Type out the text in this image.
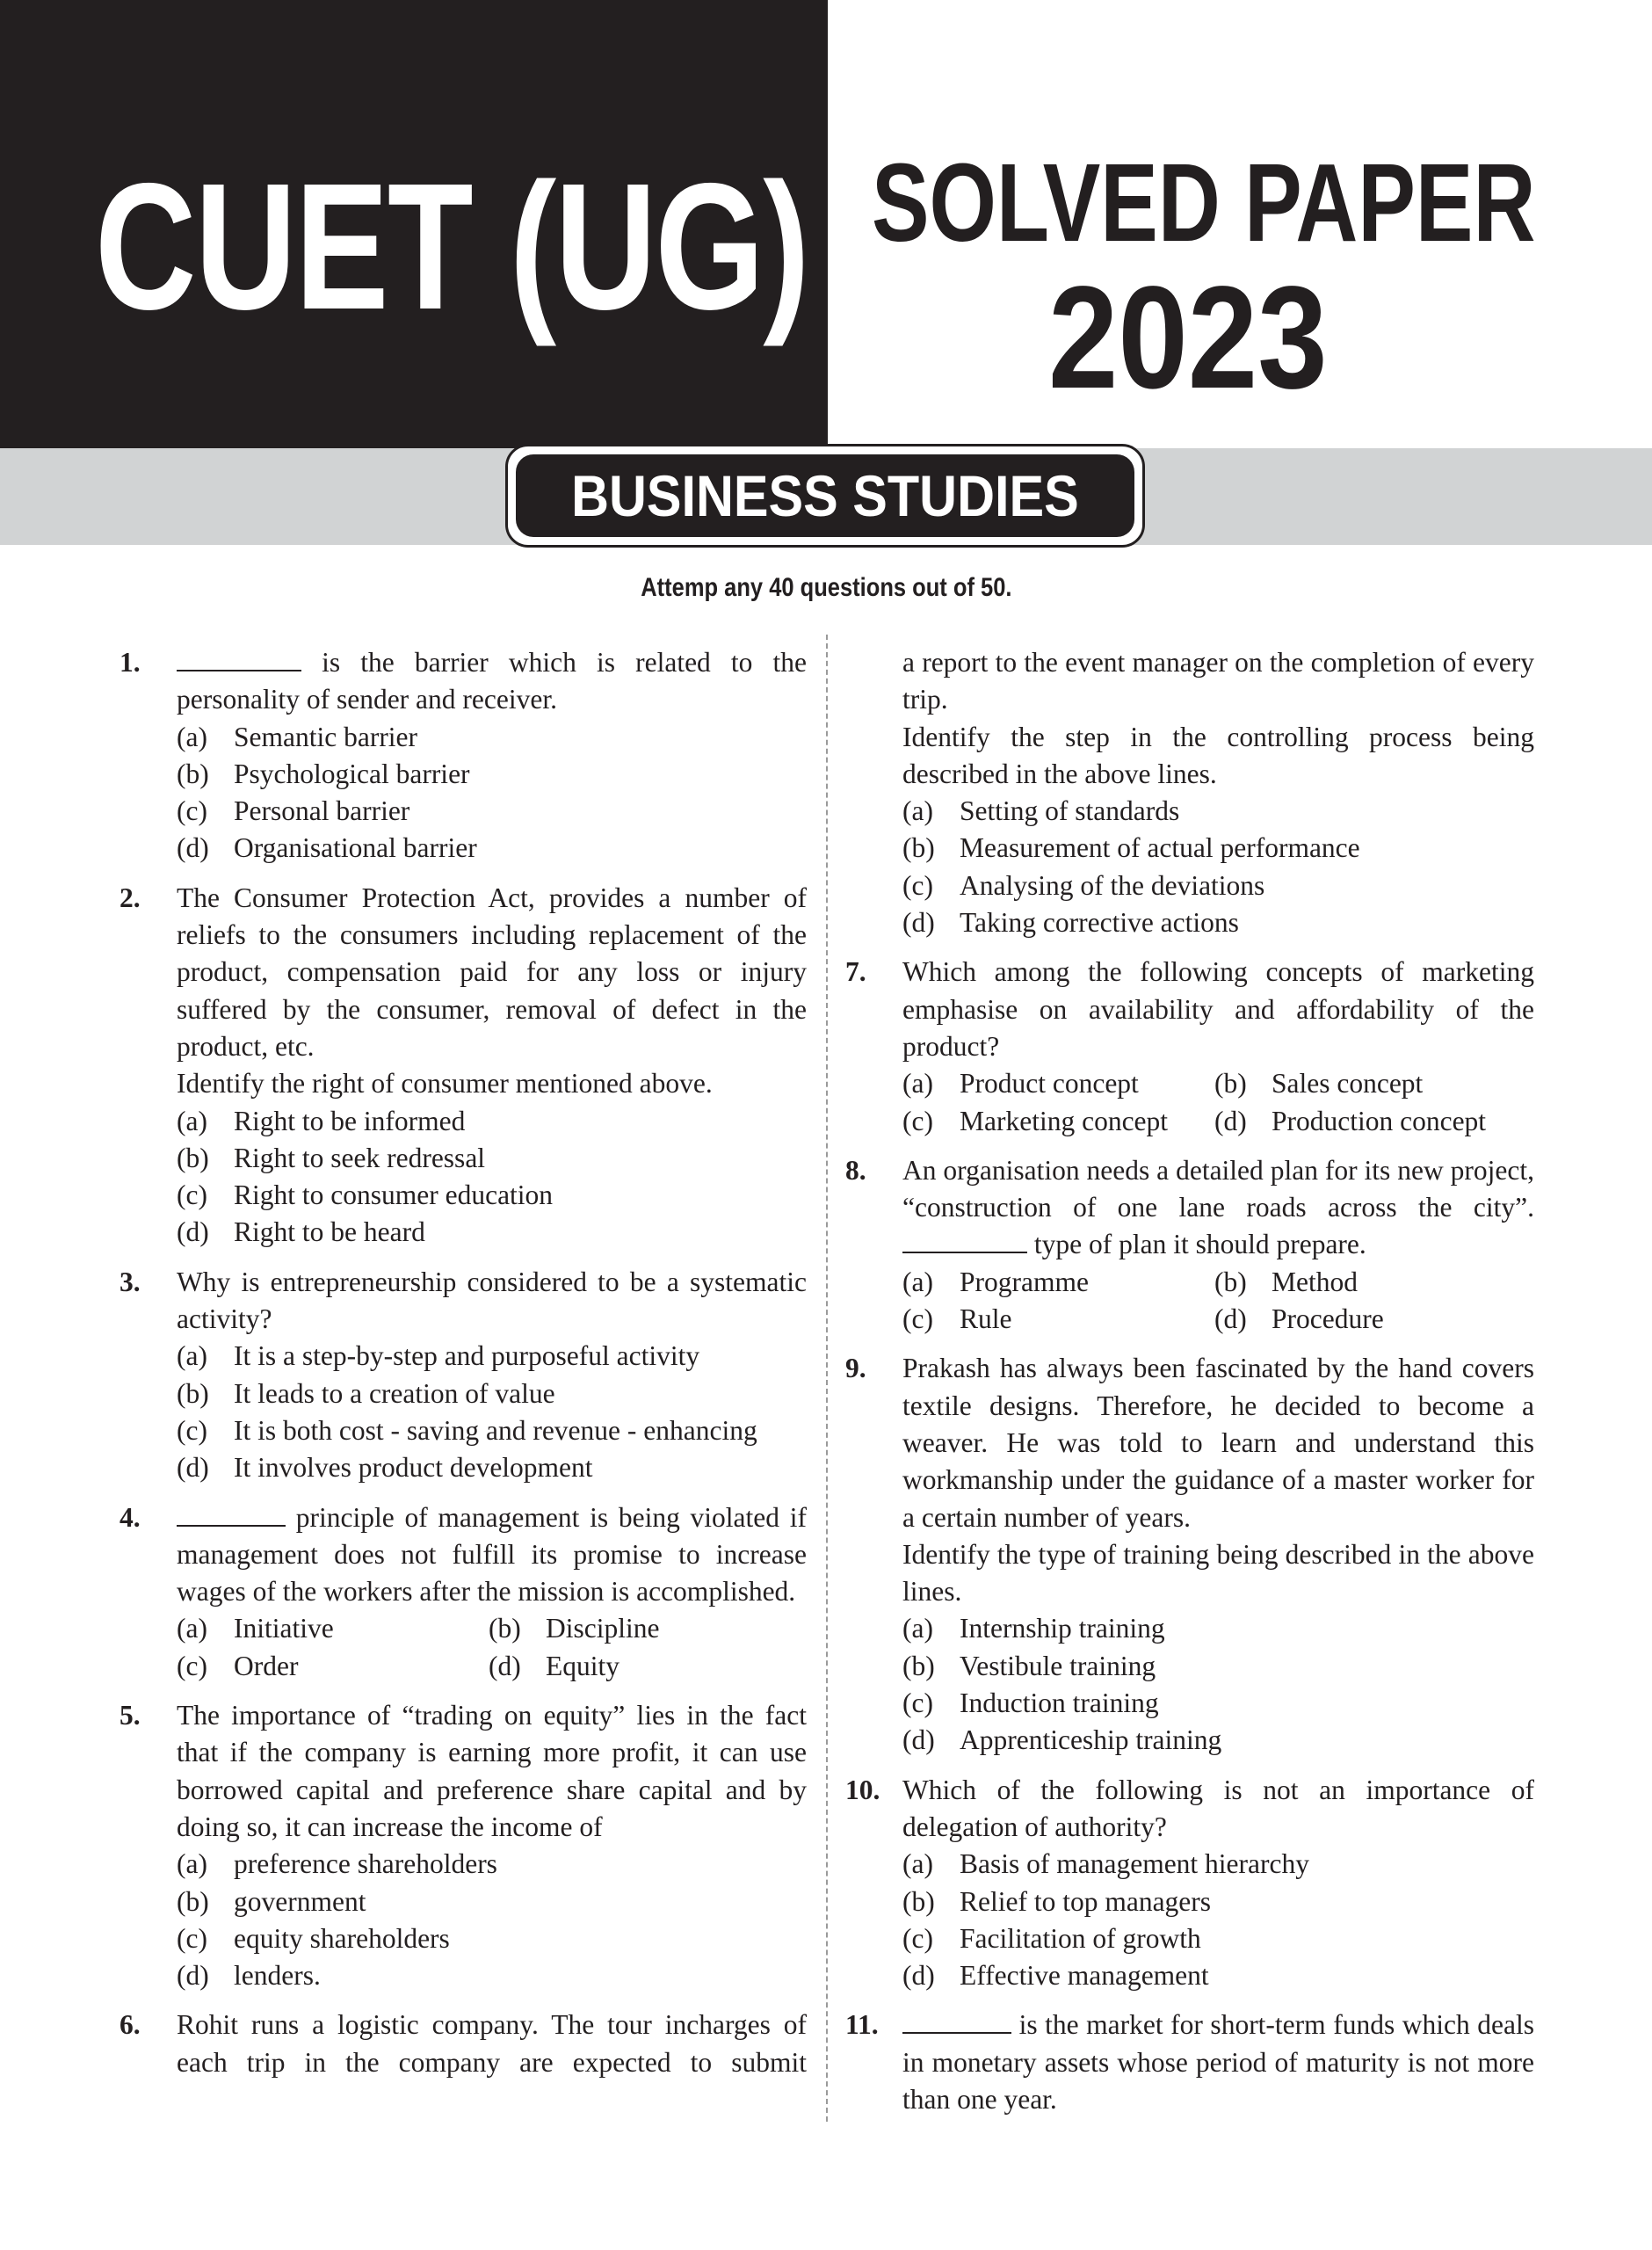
CUET (UG) SOLVED PAPER
2023
BUSINESS STUDIES
Attemp any 40 questions out of 50.
1.	is the barrier which is related to the personality of sender and receiver.

(a) Semantic barrier
(b) Psychological barrier
(c) Personal barrier
(d) Organisational barrier
2. The Consumer Protection Act, provides a number of reliefs to the consumers including replacement of the product, compensation paid for any loss or injury suffered by the consumer, removal of defect in the product, etc.

Identify the right of consumer mentioned above.

(a) Right to be informed
(b) Right to seek redressal
(c) Right to consumer education
(d) Right to be heard
3. Why is entrepreneurship considered to be a systematic activity?

(a) It is a step-by-step and purposeful activity
(b) It leads to a creation of value
(c) It is both cost - saving and revenue - enhancing
(d) It involves product development
4.	principle of management is being violated if management does not fulfill its promise to increase wages of the workers after the mission is accomplished.

(a) Initiative	(b) Discipline
(c) Order	(d) Equity
5. The importance of “trading on equity” lies in the fact that if the company is earning more profit, it can use borrowed capital and preference share capital and by doing so, it can increase the income of

(a) preference shareholders
(b) government
(c) equity shareholders
(d) lenders.
6. Rohit runs a logistic company. The tour incharges of each trip in the company are expected to submit

a report to the event manager on the completion of every trip.

Identify the step in the controlling process being described in the above lines.

(a) Setting of standards
(b) Measurement of actual performance
(c) Analysing of the deviations
(d) Taking corrective actions
7. Which among the following concepts of marketing emphasise on availability and affordability of the product?

(a) Product concept	(b) Sales concept
(c) Marketing concept	(d) Production concept
8. An organisation needs a detailed plan for its new project, “construction of one lane roads across the city”.  type of plan it should prepare.

(a) Programme	(b) Method
(c) Rule	(d) Procedure
9. Prakash has always been fascinated by the hand covers textile designs. Therefore, he decided to become a weaver. He was told to learn and understand this workmanship under the guidance of a master worker for a certain number of years.

Identify the type of training being described in the above lines.

(a) Internship training
(b) Vestibule training
(c) Induction training
(d) Apprenticeship training
10. Which of the following is not an importance of delegation of authority?

(a) Basis of management hierarchy
(b) Relief to top managers
(c) Facilitation of growth
(d) Effective management
11.	is the market for short-term funds which deals in monetary assets whose period of maturity is not more than one year.
